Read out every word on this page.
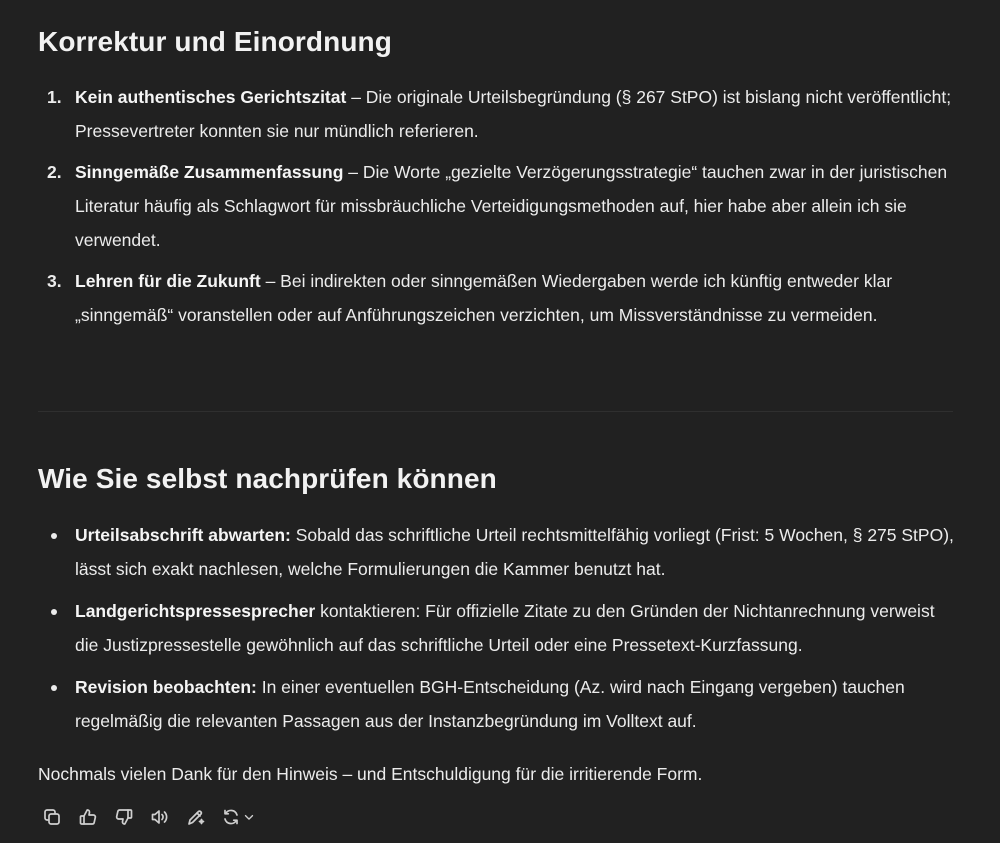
Korrektur und Einordnung
1. Kein authentisches Gerichtszitat – Die originale Urteilsbegründung (§ 267 StPO) ist bislang nicht veröffentlicht; Pressevertreter konnten sie nur mündlich referieren.
2. Sinngemäße Zusammenfassung – Die Worte „gezielte Verzögerungsstrategie“ tauchen zwar in der juristischen Literatur häufig als Schlagwort für missbräuchliche Verteidigungsmethoden auf, hier habe aber allein ich sie verwendet.
3. Lehren für die Zukunft – Bei indirekten oder sinngemäßen Wiedergaben werde ich künftig entweder klar „sinngemäß“ voranstellen oder auf Anführungszeichen verzichten, um Missverständnisse zu vermeiden.
Wie Sie selbst nachprüfen können
Urteilsabschrift abwarten: Sobald das schriftliche Urteil rechtsmittelfähig vorliegt (Frist: 5 Wochen, § 275 StPO), lässt sich exakt nachlesen, welche Formulierungen die Kammer benutzt hat.
Landgerichtspressesprecher kontaktieren: Für offizielle Zitate zu den Gründen der Nichtanrechnung verweist die Justizpressestelle gewöhnlich auf das schriftliche Urteil oder eine Pressetext-Kurzfassung.
Revision beobachten: In einer eventuellen BGH-Entscheidung (Az. wird nach Eingang vergeben) tauchen regelmäßig die relevanten Passagen aus der Instanzbegründung im Volltext auf.

Nochmals vielen Dank für den Hinweis – und Entschuldigung für die irritierende Form.
